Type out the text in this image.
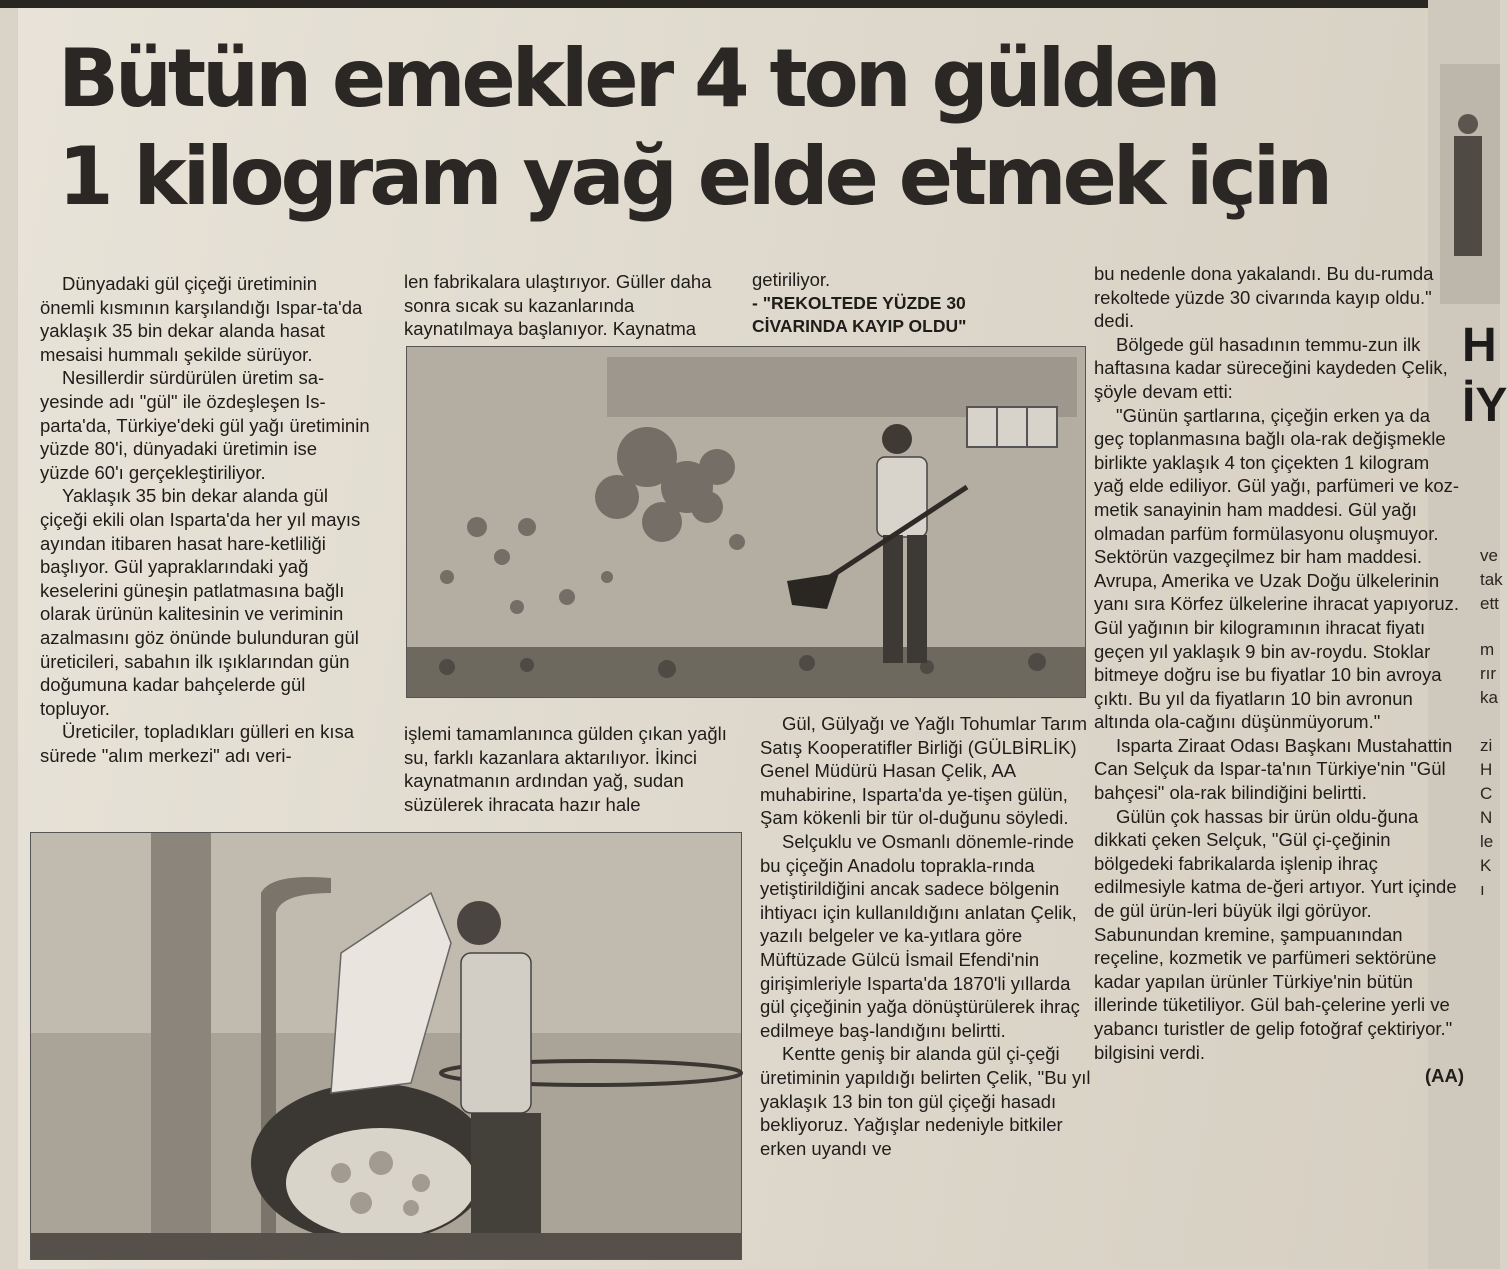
Bütün emekler 4 ton gülden
1 kilogram yağ elde etmek için

Dünyadaki gül çiçeği üretiminin önemli kısmının karşılandığı Ispar-ta'da yaklaşık 35 bin dekar alanda hasat mesaisi hummalı şekilde sürüyor.

Nesillerdir sürdürülen üretim sa-yesinde adı "gül" ile özdeşleşen Is-parta'da, Türkiye'deki gül yağı üretiminin yüzde 80'i, dünyadaki üretimin ise yüzde 60'ı gerçekleştiriliyor.

Yaklaşık 35 bin dekar alanda gül çiçeği ekili olan Isparta'da her yıl mayıs ayından itibaren hasat hare-ketliliği başlıyor. Gül yapraklarındaki yağ keselerini güneşin patlatmasına bağlı olarak ürünün kalitesinin ve veriminin azalmasını göz önünde bulunduran gül üreticileri, sabahın ilk ışıklarından gün doğumuna kadar bahçelerde gül topluyor.

Üreticiler, topladıkları gülleri en kısa sürede "alım merkezi" adı veri-

len fabrikalara ulaştırıyor. Güller daha sonra sıcak su kazanlarında kaynatılmaya başlanıyor. Kaynatma

işlemi tamamlanınca gülden çıkan yağlı su, farklı kazanlara aktarılıyor. İkinci kaynatmanın ardından yağ, sudan süzülerek ihracata hazır hale

getiriliyor.

- "REKOLTEDE YÜZDE 30 CİVARINDA KAYIP OLDU"

Gül, Gülyağı ve Yağlı Tohumlar Tarım Satış Kooperatifler Birliği (GÜLBİRLİK) Genel Müdürü Hasan Çelik, AA muhabirine, Isparta'da ye-tişen gülün, Şam kökenli bir tür ol-duğunu söyledi.

Selçuklu ve Osmanlı dönemle-rinde bu çiçeğin Anadolu toprakla-rında yetiştirildiğini ancak sadece bölgenin ihtiyacı için kullanıldığını anlatan Çelik, yazılı belgeler ve ka-yıtlara göre Müftüzade Gülcü İsmail Efendi'nin girişimleriyle Isparta'da 1870'li yıllarda gül çiçeğinin yağa dönüştürülerek ihraç edilmeye baş-landığını belirtti.

Kentte geniş bir alanda gül çi-çeği üretiminin yapıldığı belirten Çelik, "Bu yıl yaklaşık 13 bin ton gül çiçeği hasadı bekliyoruz. Yağışlar nedeniyle bitkiler erken uyandı ve

bu nedenle dona yakalandı. Bu du-rumda rekoltede yüzde 30 civarında kayıp oldu." dedi.

Bölgede gül hasadının temmu-zun ilk haftasına kadar süreceğini kaydeden Çelik, şöyle devam etti:

"Günün şartlarına, çiçeğin erken ya da geç toplanmasına bağlı ola-rak değişmekle birlikte yaklaşık 4 ton çiçekten 1 kilogram yağ elde ediliyor. Gül yağı, parfümeri ve koz-metik sanayinin ham maddesi. Gül yağı olmadan parfüm formülasyonu oluşmuyor. Sektörün vazgeçilmez bir ham maddesi. Avrupa, Amerika ve Uzak Doğu ülkelerinin yanı sıra Körfez ülkelerine ihracat yapıyoruz. Gül yağının bir kilogramının ihracat fiyatı geçen yıl yaklaşık 9 bin av-roydu. Stoklar bitmeye doğru ise bu fiyatlar 10 bin avroya çıktı. Bu yıl da fiyatların 10 bin avronun altında ola-cağını düşünmüyorum."

Isparta Ziraat Odası Başkanı Mustahattin Can Selçuk da Ispar-ta'nın Türkiye'nin "Gül bahçesi" ola-rak bilindiğini belirtti.

Gülün çok hassas bir ürün oldu-ğuna dikkati çeken Selçuk, "Gül çi-çeğinin bölgedeki fabrikalarda işlenip ihraç edilmesiyle katma de-ğeri artıyor. Yurt içinde de gül ürün-leri büyük ilgi görüyor. Sabunundan kremine, şampuanından reçeline, kozmetik ve parfümeri sektörüne kadar yapılan ürünler Türkiye'nin bütün illerinde tüketiliyor. Gül bah-çelerine yerli ve yabancı turistler de gelip fotoğraf çektiriyor." bilgisini verdi.

(AA)

H
İY
ve
tak
ett
m
rır
ka
zi
H
C
N
le
K
ı
